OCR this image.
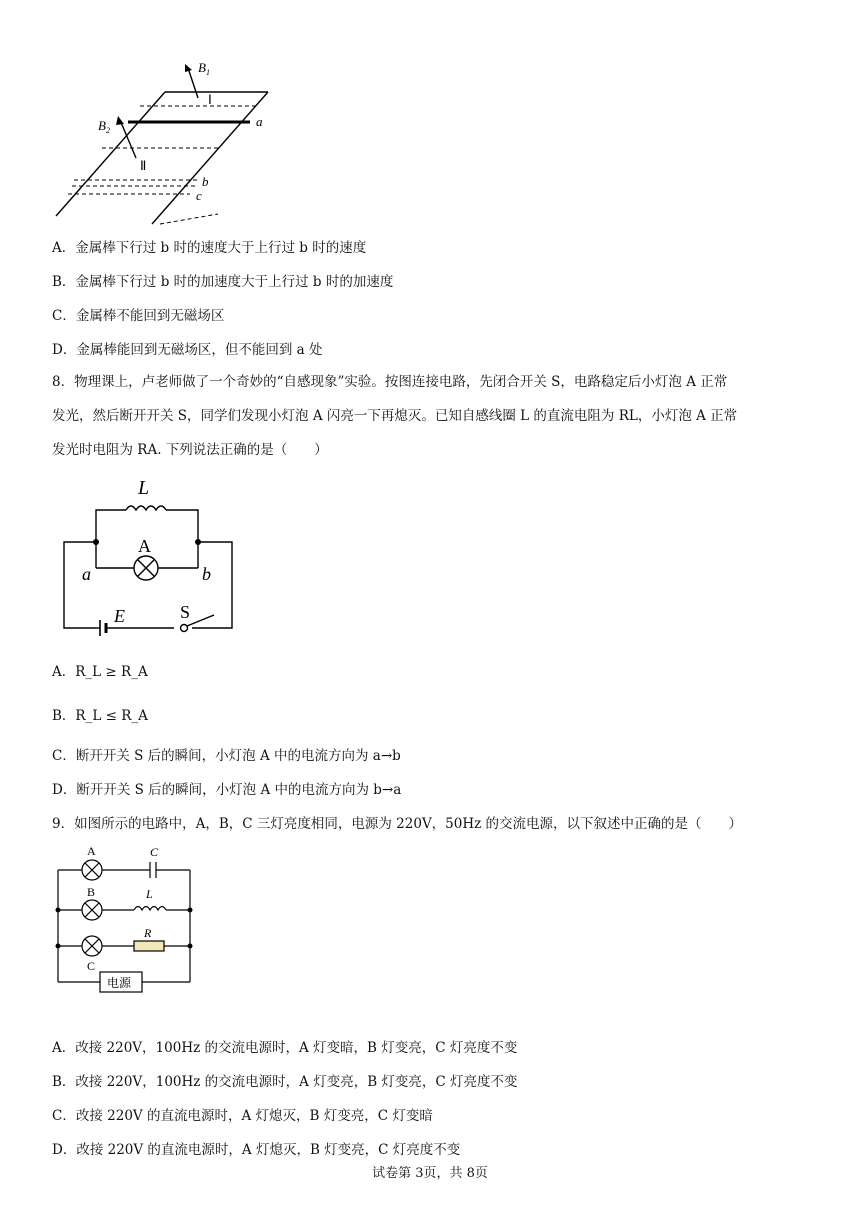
$B_1$
Ⅰ
$B_2$
Ⅱ
a
b
c
A．金属棒下行过 b 时的速度大于上行过 b 时的速度
B．金属棒下行过 b 时的加速度大于上行过 b 时的加速度
C．金属棒不能回到无磁场区
D．金属棒能回到无磁场区，但不能回到 a 处
8．物理课上，卢老师做了一个奇妙的“自感现象”实验。按图连接电路，先闭合开关 S，电路稳定后小灯泡 A 正常
发光，然后断开开关 S，同学们发现小灯泡 A 闪亮一下再熄灭。已知自感线圈 L 的直流电阻为 RL，小灯泡 A 正常
发光时电阻为 RA. 下列说法正确的是（　　）
L
A
a	b
E	S
A．R_L ≥ R_A
B．R_L ≤ R_A
C．断开开关 S 后的瞬间，小灯泡 A 中的电流方向为 a→b
D．断开开关 S 后的瞬间，小灯泡 A 中的电流方向为 b→a
9．如图所示的电路中，A，B，C 三灯亮度相同，电源为 220V，50Hz 的交流电源，以下叙述中正确的是（　　）
A
B
C
C
L
R
电源
A．改接 220V，100Hz 的交流电源时，A 灯变暗，B 灯变亮，C 灯亮度不变
B．改接 220V，100Hz 的交流电源时，A 灯变亮，B 灯变亮，C 灯亮度不变
C．改接 220V 的直流电源时，A 灯熄灭，B 灯变亮，C 灯变暗
D．改接 220V 的直流电源时，A 灯熄灭，B 灯变亮，C 灯亮度不变
试卷第 3页，共 8页
